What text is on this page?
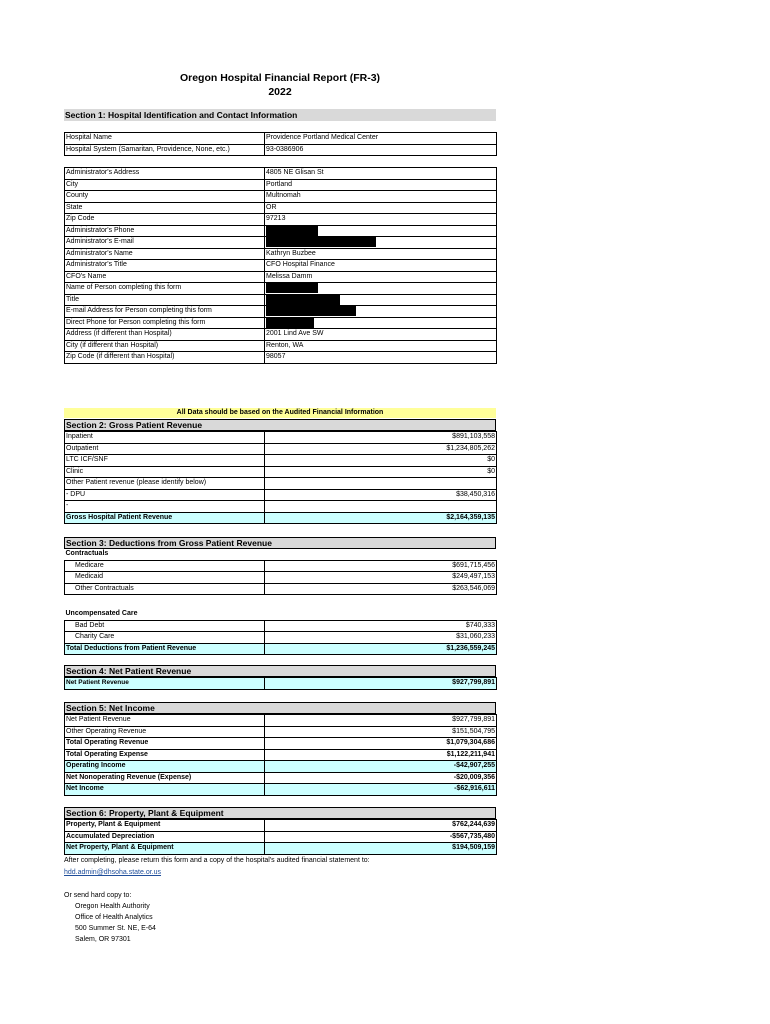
Oregon Hospital Financial Report (FR-3)
2022
Section 1: Hospital Identification and Contact Information
Hospital Name	Providence Portland Medical Center
Hospital System (Samaritan, Providence, None, etc.)	93-0386906
Administrator's Address	4805 NE Glisan St
City	Portland
County	Multnomah
State	OR
Zip Code	97213
Administrator's Phone	
Administrator's E-mail	
Administrator's Name	Kathryn Buzbee
Administrator's Title	CFO Hospital Finance
CFO's Name	Melissa Damm
Name of Person completing this form	
Title	
E-mail Address for Person completing this form	
Direct Phone for Person completing this form	
Address (if different than Hospital)	2001 Lind Ave SW
City (if different than Hospital)	Renton, WA
Zip Code (if different than Hospital)	98057
All Data should be based on the Audited Financial Information
Section 2: Gross Patient Revenue
Inpatient	$891,103,558
Outpatient	$1,234,805,262
LTC ICF/SNF	$0
Clinic	$0
Other Patient revenue (please identify below)	
- DPU	$38,450,316
-	
Gross Hospital Patient Revenue	$2,164,359,135
Section 3: Deductions from Gross Patient Revenue
Contractuals	
Medicare	$691,715,456
Medicaid	$249,497,153
Other Contractuals	$263,546,069

Uncompensated Care	
Bad Debt	$740,333
Charity Care	$31,060,233
Total Deductions from Patient Revenue	$1,236,559,245
Section 4: Net Patient Revenue
Net Patient Revenue	$927,799,891
Section 5: Net Income
Net Patient Revenue	$927,799,891
Other Operating Revenue	$151,504,795
Total Operating Revenue	$1,079,304,686
Total Operating Expense	$1,122,211,941
Operating Income	-$42,907,255
Net Nonoperating Revenue (Expense)	-$20,009,356
Net Income	-$62,916,611
Section 6: Property, Plant & Equipment
Property, Plant & Equipment	$762,244,639
Accumulated Depreciation	-$567,735,480
Net Property, Plant & Equipment	$194,509,159
After completing, please return this form and a copy of the hospital's audited financial statement to:
hdd.admin@dhsoha.state.or.us
Or send hard copy to:
Oregon Health Authority
Office of Health Analytics
500 Summer St. NE, E-64
Salem, OR 97301
